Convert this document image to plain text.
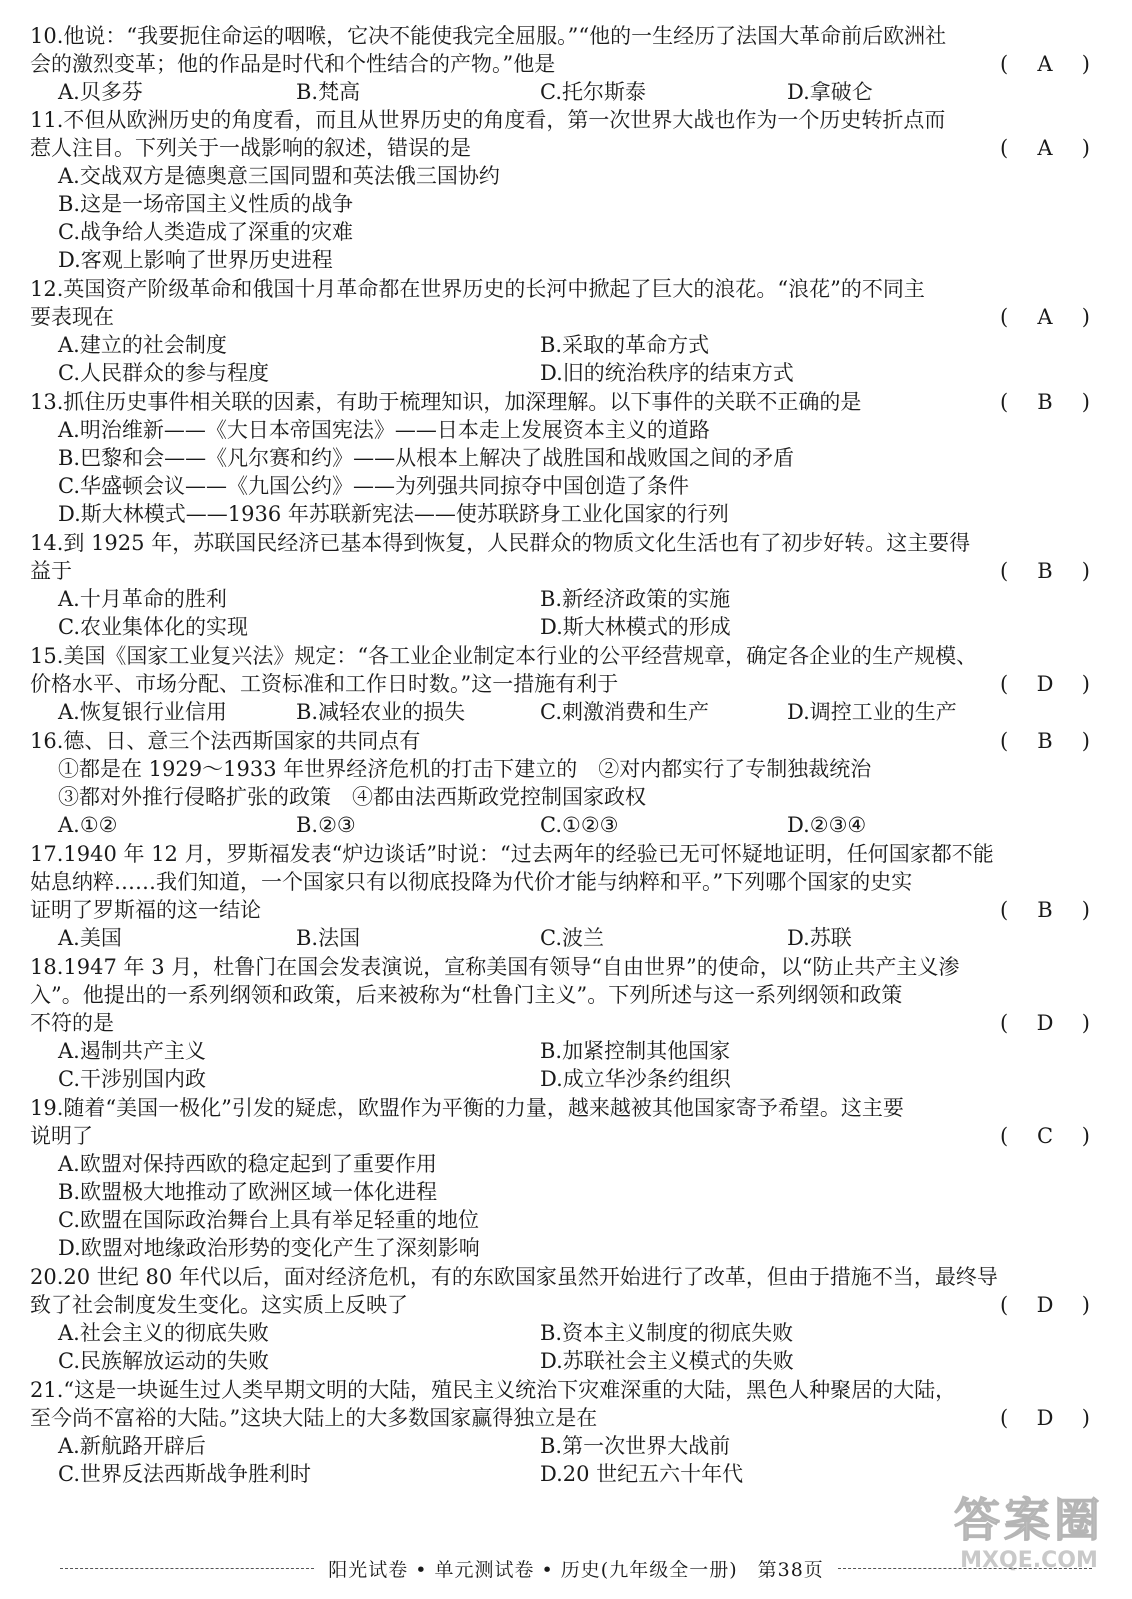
10.他说：“我要扼住命运的咽喉，它决不能使我完全屈服。”“他的一生经历了法国大革命前后欧洲社
会的激烈变革；他的作品是时代和个性结合的产物。”他是	(	A	)
A.贝多芬	B.梵高	C.托尔斯泰	D.拿破仑
11.不但从欧洲历史的角度看，而且从世界历史的角度看，第一次世界大战也作为一个历史转折点而
惹人注目。下列关于一战影响的叙述，错误的是	(	A	)
A.交战双方是德奥意三国同盟和英法俄三国协约
B.这是一场帝国主义性质的战争
C.战争给人类造成了深重的灾难
D.客观上影响了世界历史进程
12.英国资产阶级革命和俄国十月革命都在世界历史的长河中掀起了巨大的浪花。“浪花”的不同主
要表现在	(	A	)
A.建立的社会制度	B.采取的革命方式
C.人民群众的参与程度	D.旧的统治秩序的结束方式
13.抓住历史事件相关联的因素，有助于梳理知识，加深理解。以下事件的关联不正确的是	(	B	)
A.明治维新——《大日本帝国宪法》——日本走上发展资本主义的道路
B.巴黎和会——《凡尔赛和约》——从根本上解决了战胜国和战败国之间的矛盾
C.华盛顿会议——《九国公约》——为列强共同掠夺中国创造了条件
D.斯大林模式——1936 年苏联新宪法——使苏联跻身工业化国家的行列
14.到 1925 年，苏联国民经济已基本得到恢复，人民群众的物质文化生活也有了初步好转。这主要得
益于	(	B	)
A.十月革命的胜利	B.新经济政策的实施
C.农业集体化的实现	D.斯大林模式的形成
15.美国《国家工业复兴法》规定：“各工业企业制定本行业的公平经营规章，确定各企业的生产规模、
价格水平、市场分配、工资标准和工作日时数。”这一措施有利于	(	D	)
A.恢复银行业信用	B.减轻农业的损失	C.刺激消费和生产	D.调控工业的生产
16.德、日、意三个法西斯国家的共同点有	(	B	)
①都是在 1929～1933 年世界经济危机的打击下建立的　②对内都实行了专制独裁统治
③都对外推行侵略扩张的政策　④都由法西斯政党控制国家政权
A.①②	B.②③	C.①②③	D.②③④
17.1940 年 12 月，罗斯福发表“炉边谈话”时说：“过去两年的经验已无可怀疑地证明，任何国家都不能
姑息纳粹……我们知道，一个国家只有以彻底投降为代价才能与纳粹和平。”下列哪个国家的史实
证明了罗斯福的这一结论	(	B	)
A.美国	B.法国	C.波兰	D.苏联
18.1947 年 3 月，杜鲁门在国会发表演说，宣称美国有领导“自由世界”的使命，以“防止共产主义渗
入”。他提出的一系列纲领和政策，后来被称为“杜鲁门主义”。下列所述与这一系列纲领和政策
不符的是	(	D	)
A.遏制共产主义	B.加紧控制其他国家
C.干涉别国内政	D.成立华沙条约组织
19.随着“美国一极化”引发的疑虑，欧盟作为平衡的力量，越来越被其他国家寄予希望。这主要
说明了	(	C	)
A.欧盟对保持西欧的稳定起到了重要作用
B.欧盟极大地推动了欧洲区域一体化进程
C.欧盟在国际政治舞台上具有举足轻重的地位
D.欧盟对地缘政治形势的变化产生了深刻影响
20.20 世纪 80 年代以后，面对经济危机，有的东欧国家虽然开始进行了改革，但由于措施不当，最终导
致了社会制度发生变化。这实质上反映了	(	D	)
A.社会主义的彻底失败	B.资本主义制度的彻底失败
C.民族解放运动的失败	D.苏联社会主义模式的失败
21.“这是一块诞生过人类早期文明的大陆，殖民主义统治下灾难深重的大陆，黑色人种聚居的大陆，
至今尚不富裕的大陆。”这块大陆上的大多数国家赢得独立是在	(	D	)
A.新航路开辟后	B.第一次世界大战前
C.世界反法西斯战争胜利时	D.20 世纪五六十年代
答案圈
MXQE.COM
阳光试卷 • 单元测试卷 • 历史(九年级全一册)　第38页
